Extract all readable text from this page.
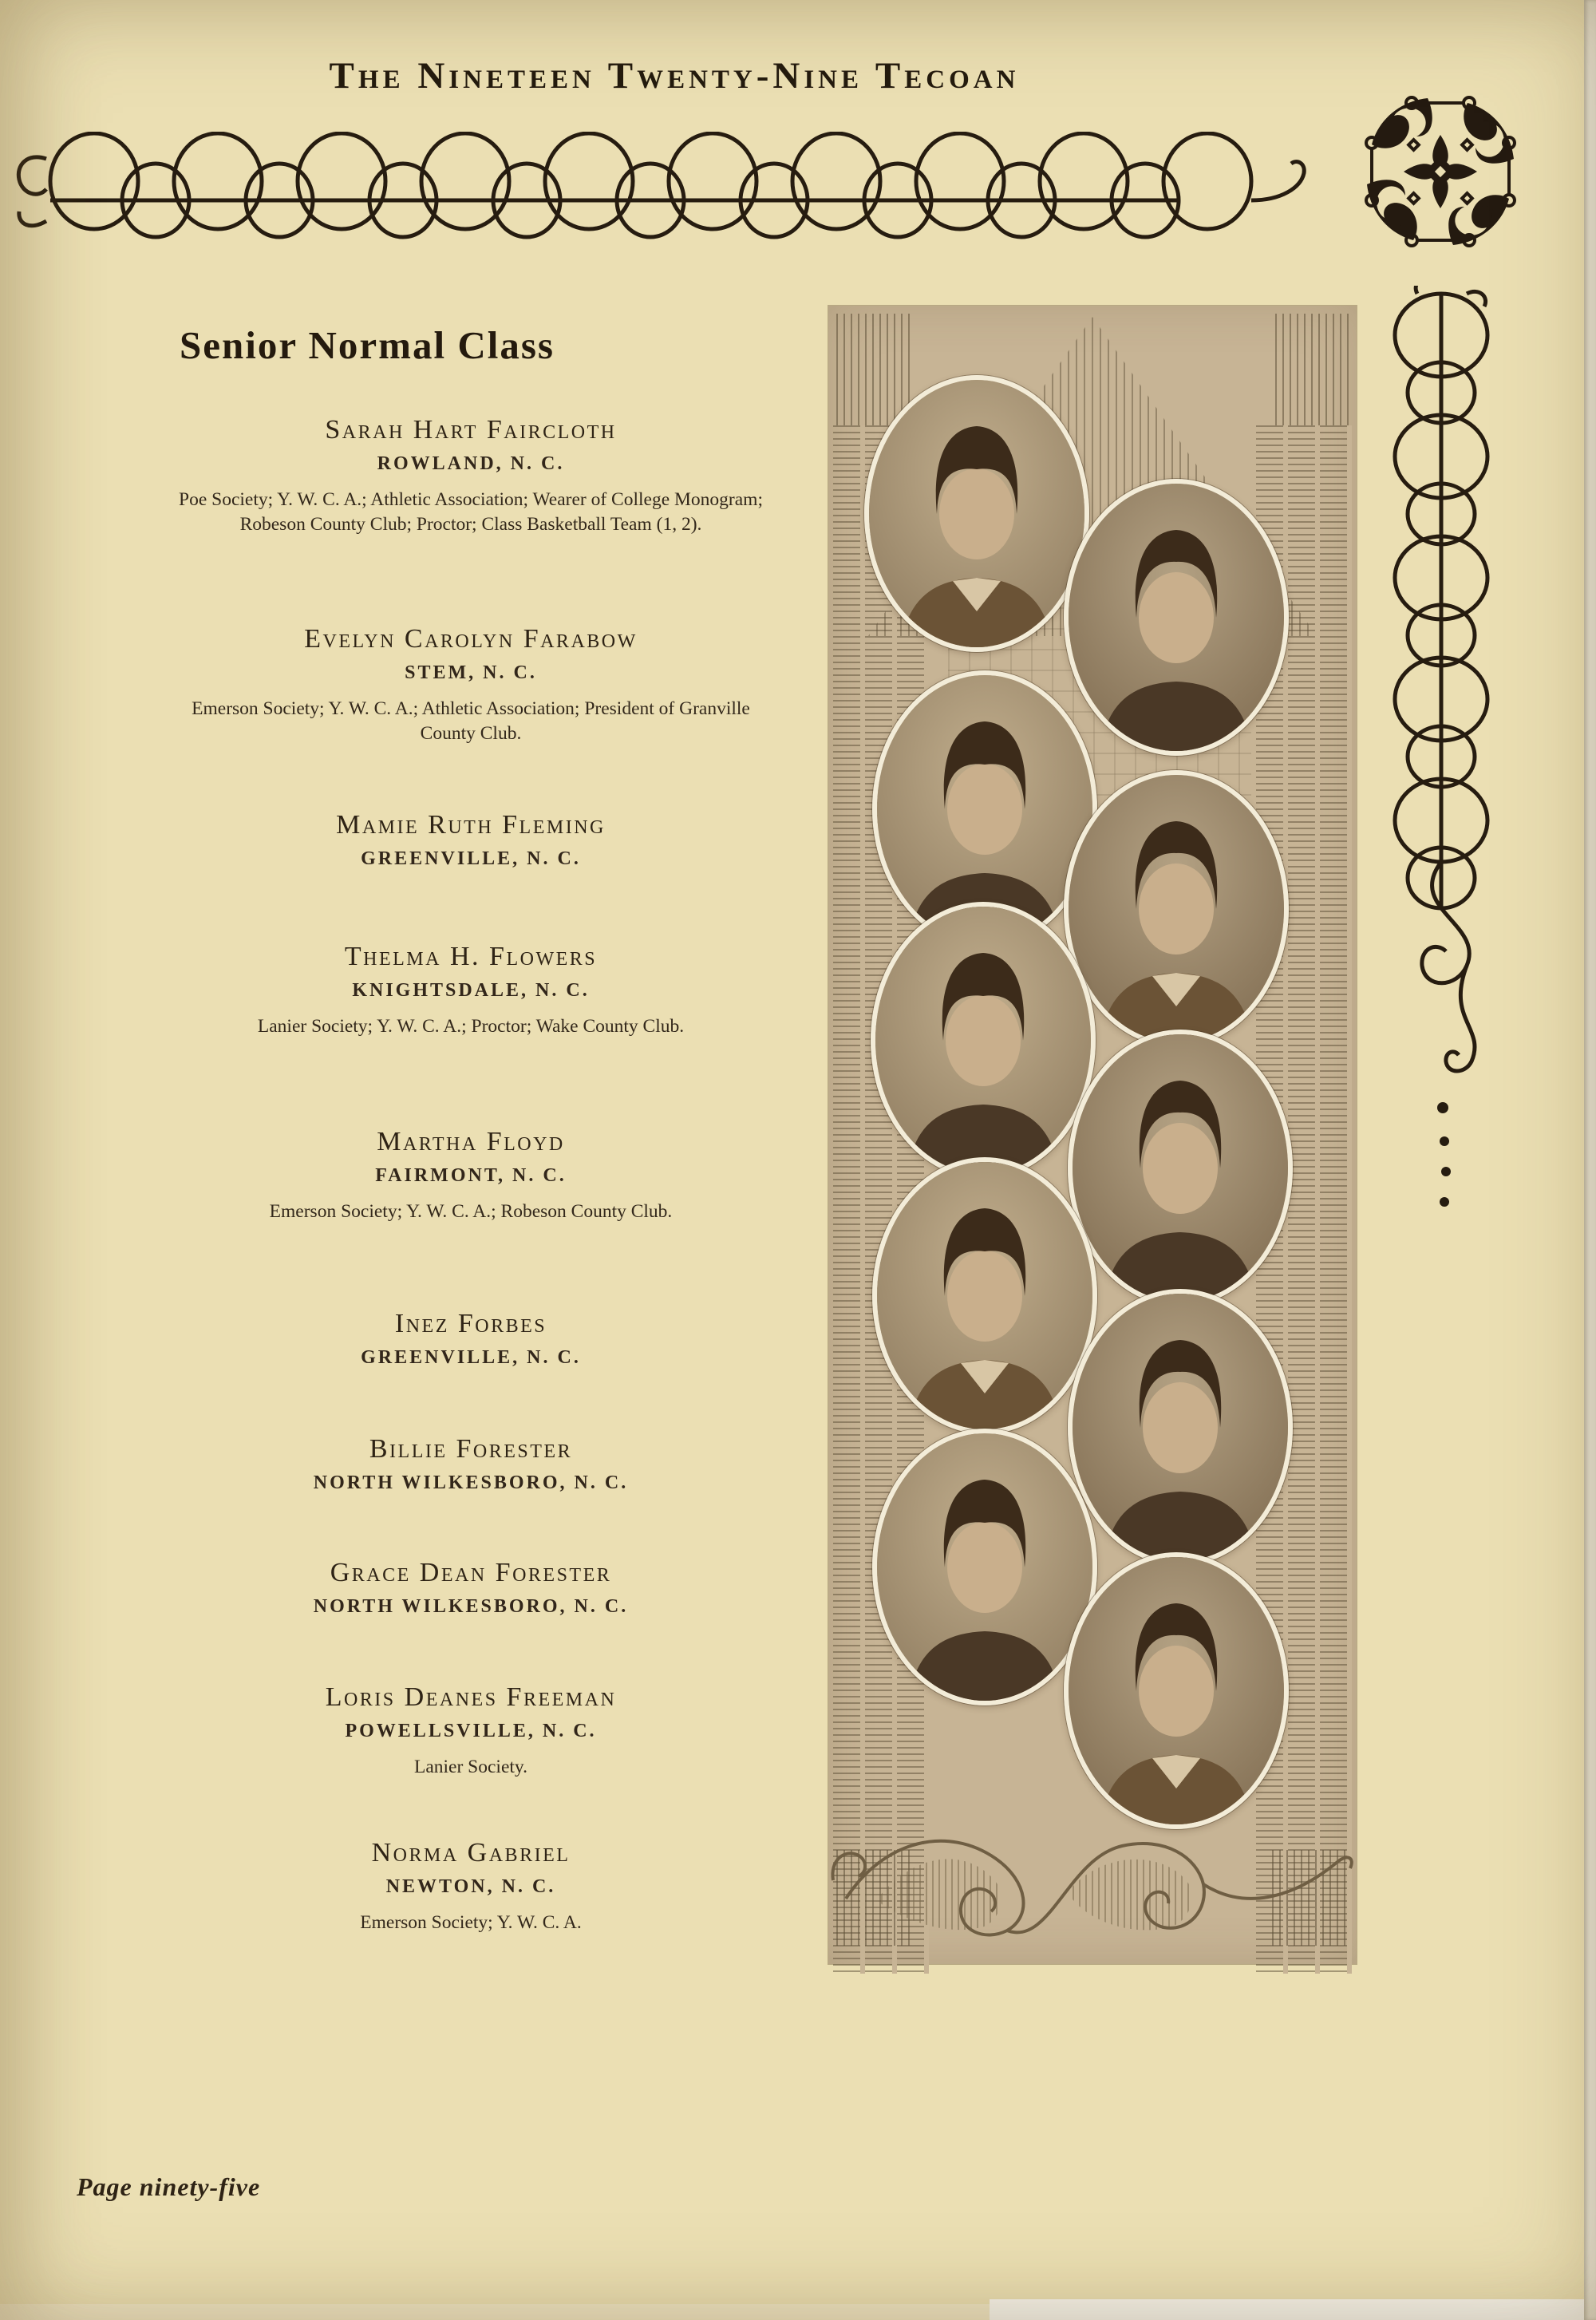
The Nineteen Twenty-Nine Tecoan
Senior Normal Class
Sarah Hart Faircloth
ROWLAND, N. C.
Poe Society; Y. W. C. A.; Athletic Association; Wearer of College Monogram; Robeson County Club; Proctor; Class Basketball Team (1, 2).
Evelyn Carolyn Farabow
STEM, N. C.
Emerson Society; Y. W. C. A.; Athletic Association; President of Granville County Club.
Mamie Ruth Fleming
GREENVILLE, N. C.
Thelma H. Flowers
KNIGHTSDALE, N. C.
Lanier Society; Y. W. C. A.; Proctor; Wake County Club.
Martha Floyd
FAIRMONT, N. C.
Emerson Society; Y. W. C. A.; Robeson County Club.
Inez Forbes
GREENVILLE, N. C.
Billie Forester
NORTH WILKESBORO, N. C.
Grace Dean Forester
NORTH WILKESBORO, N. C.
Loris Deanes Freeman
POWELLSVILLE, N. C.
Lanier Society.
Norma Gabriel
NEWTON, N. C.
Emerson Society; Y. W. C. A.
Page ninety-five
